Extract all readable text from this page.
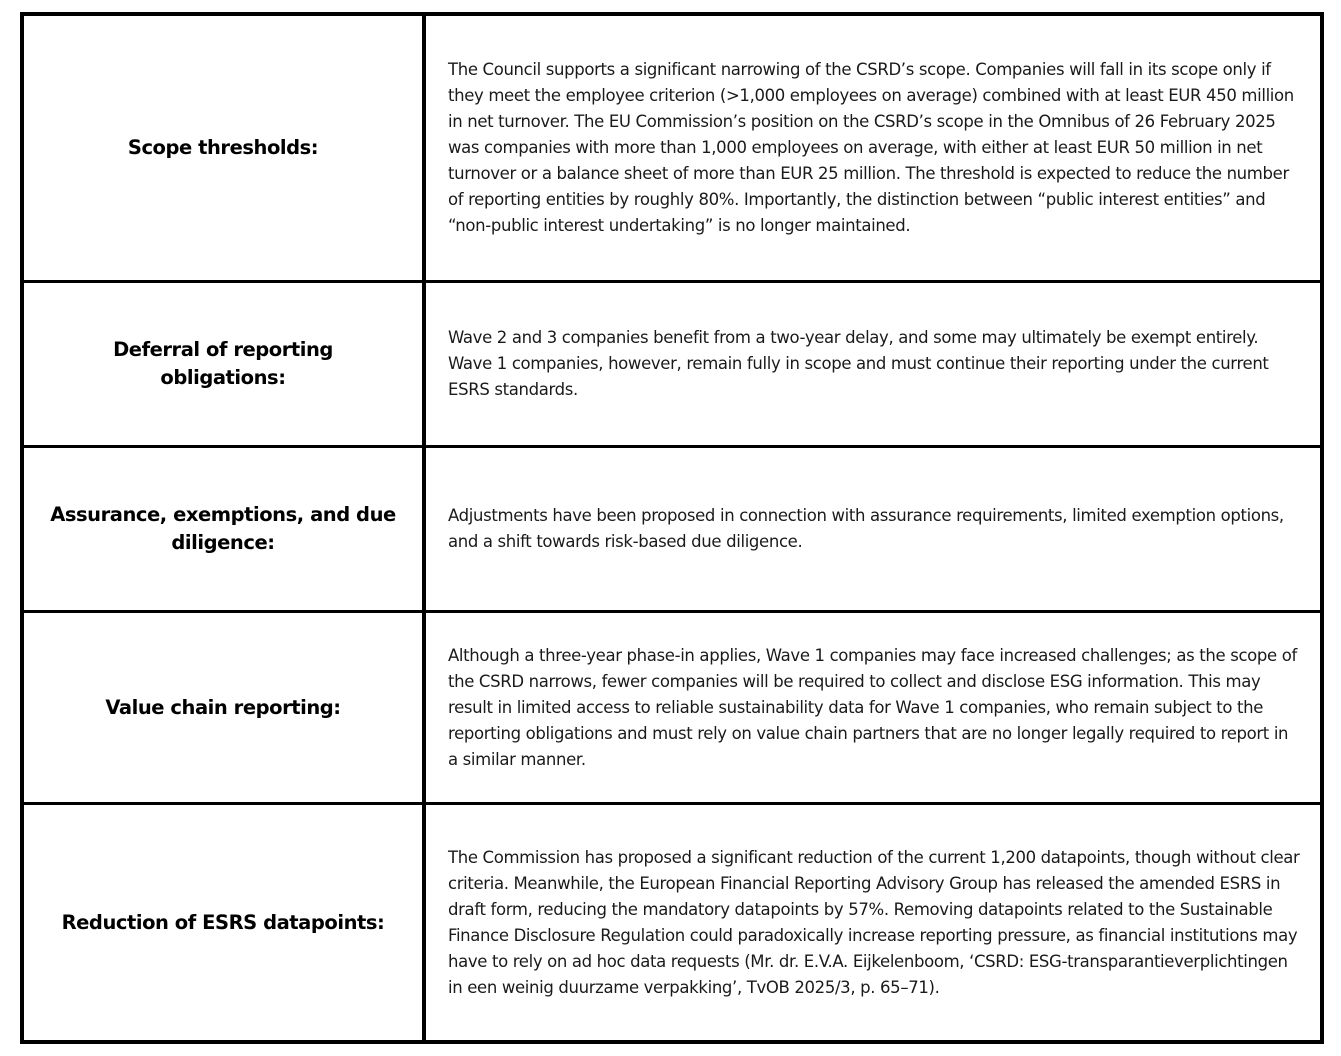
Scope thresholds:

The Council supports a significant narrowing of the CSRD’s scope. Companies will fall in its scope only if they meet the employee criterion (>1,000 employees on average) combined with at least EUR 450 million in net turnover. The EU Commission’s position on the CSRD’s scope in the Omnibus of 26 February 2025 was companies with more than 1,000 employees on average, with either at least EUR 50 million in net turnover or a balance sheet of more than EUR 25 million. The threshold is expected to reduce the number of reporting entities by roughly 80%. Importantly, the distinction between “public interest entities” and “non-public interest undertaking” is no longer maintained.

Deferral of reporting obligations:

Wave 2 and 3 companies benefit from a two-year delay, and some may ultimately be exempt entirely. Wave 1 companies, however, remain fully in scope and must continue their reporting under the current ESRS standards.

Assurance, exemptions, and due diligence:

Adjustments have been proposed in connection with assurance requirements, limited exemption options, and a shift towards risk-based due diligence.

Value chain reporting:

Although a three-year phase-in applies, Wave 1 companies may face increased challenges; as the scope of the CSRD narrows, fewer companies will be required to collect and disclose ESG information. This may result in limited access to reliable sustainability data for Wave 1 companies, who remain subject to the reporting obligations and must rely on value chain partners that are no longer legally required to report in a similar manner.

Reduction of ESRS datapoints:

The Commission has proposed a significant reduction of the current 1,200 datapoints, though without clear criteria. Meanwhile, the European Financial Reporting Advisory Group has released the amended ESRS in draft form, reducing the mandatory datapoints by 57%. Removing datapoints related to the Sustainable Finance Disclosure Regulation could paradoxically increase reporting pressure, as financial institutions may have to rely on ad hoc data requests (Mr. dr. E.V.A. Eijkelenboom, ‘CSRD: ESG-transparantieverplichtingen in een weinig duurzame verpakking’, TvOB 2025/3, p. 65–71).
